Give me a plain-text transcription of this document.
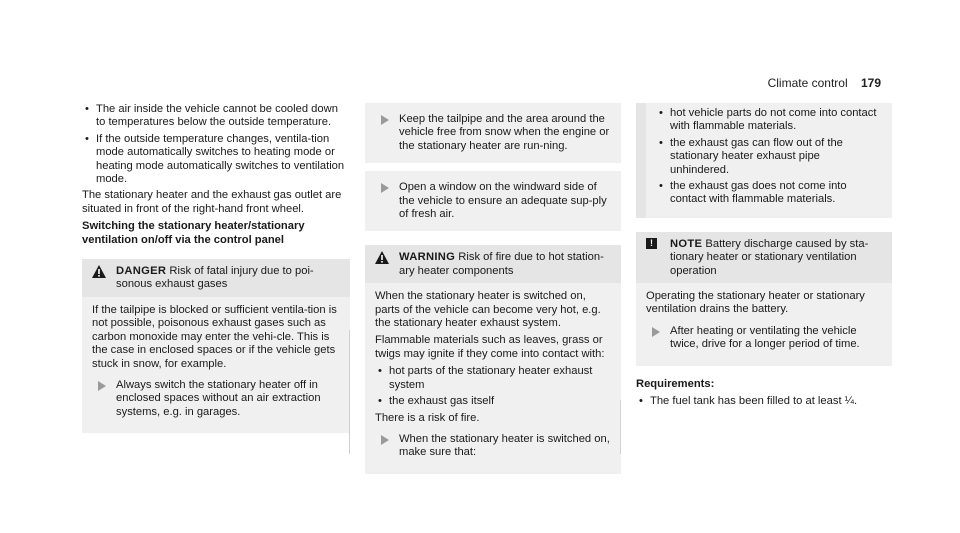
Climate control 179
• The air inside the vehicle cannot be cooled down to temperatures below the outside temperature.
• If the outside temperature changes, ventila-tion mode automatically switches to heating mode or heating mode automatically switches to ventilation mode.

The stationary heater and the exhaust gas outlet are situated in front of the right-hand front wheel.

Switching the stationary heater/stationary ventilation on/off via the control panel
DANGER Risk of fatal injury due to poi-sonous exhaust gases

If the tailpipe is blocked or sufficient ventila-tion is not possible, poisonous exhaust gases such as carbon monoxide may enter the vehi-cle. This is the case in enclosed spaces or if the vehicle gets stuck in snow, for example.

Always switch the stationary heater off in enclosed spaces without an air extraction systems, e.g. in garages.
Keep the tailpipe and the area around the vehicle free from snow when the engine or the stationary heater are run-ning.
Open a window on the windward side of the vehicle to ensure an adequate sup-ply of fresh air.
WARNING Risk of fire due to hot station-ary heater components

When the stationary heater is switched on, parts of the vehicle can become very hot, e.g. the stationary heater exhaust system.

Flammable materials such as leaves, grass or twigs may ignite if they come into contact with:

• hot parts of the stationary heater exhaust system
• the exhaust gas itself

There is a risk of fire.

When the stationary heater is switched on, make sure that:
• hot vehicle parts do not come into contact with flammable materials.
• the exhaust gas can flow out of the stationary heater exhaust pipe unhindered.
• the exhaust gas does not come into contact with flammable materials.
!	NOTE Battery discharge caused by sta-tionary heater or stationary ventilation operation

Operating the stationary heater or stationary ventilation drains the battery.

After heating or ventilating the vehicle twice, drive for a longer period of time.
Requirements:
• The fuel tank has been filled to at least ¼.
